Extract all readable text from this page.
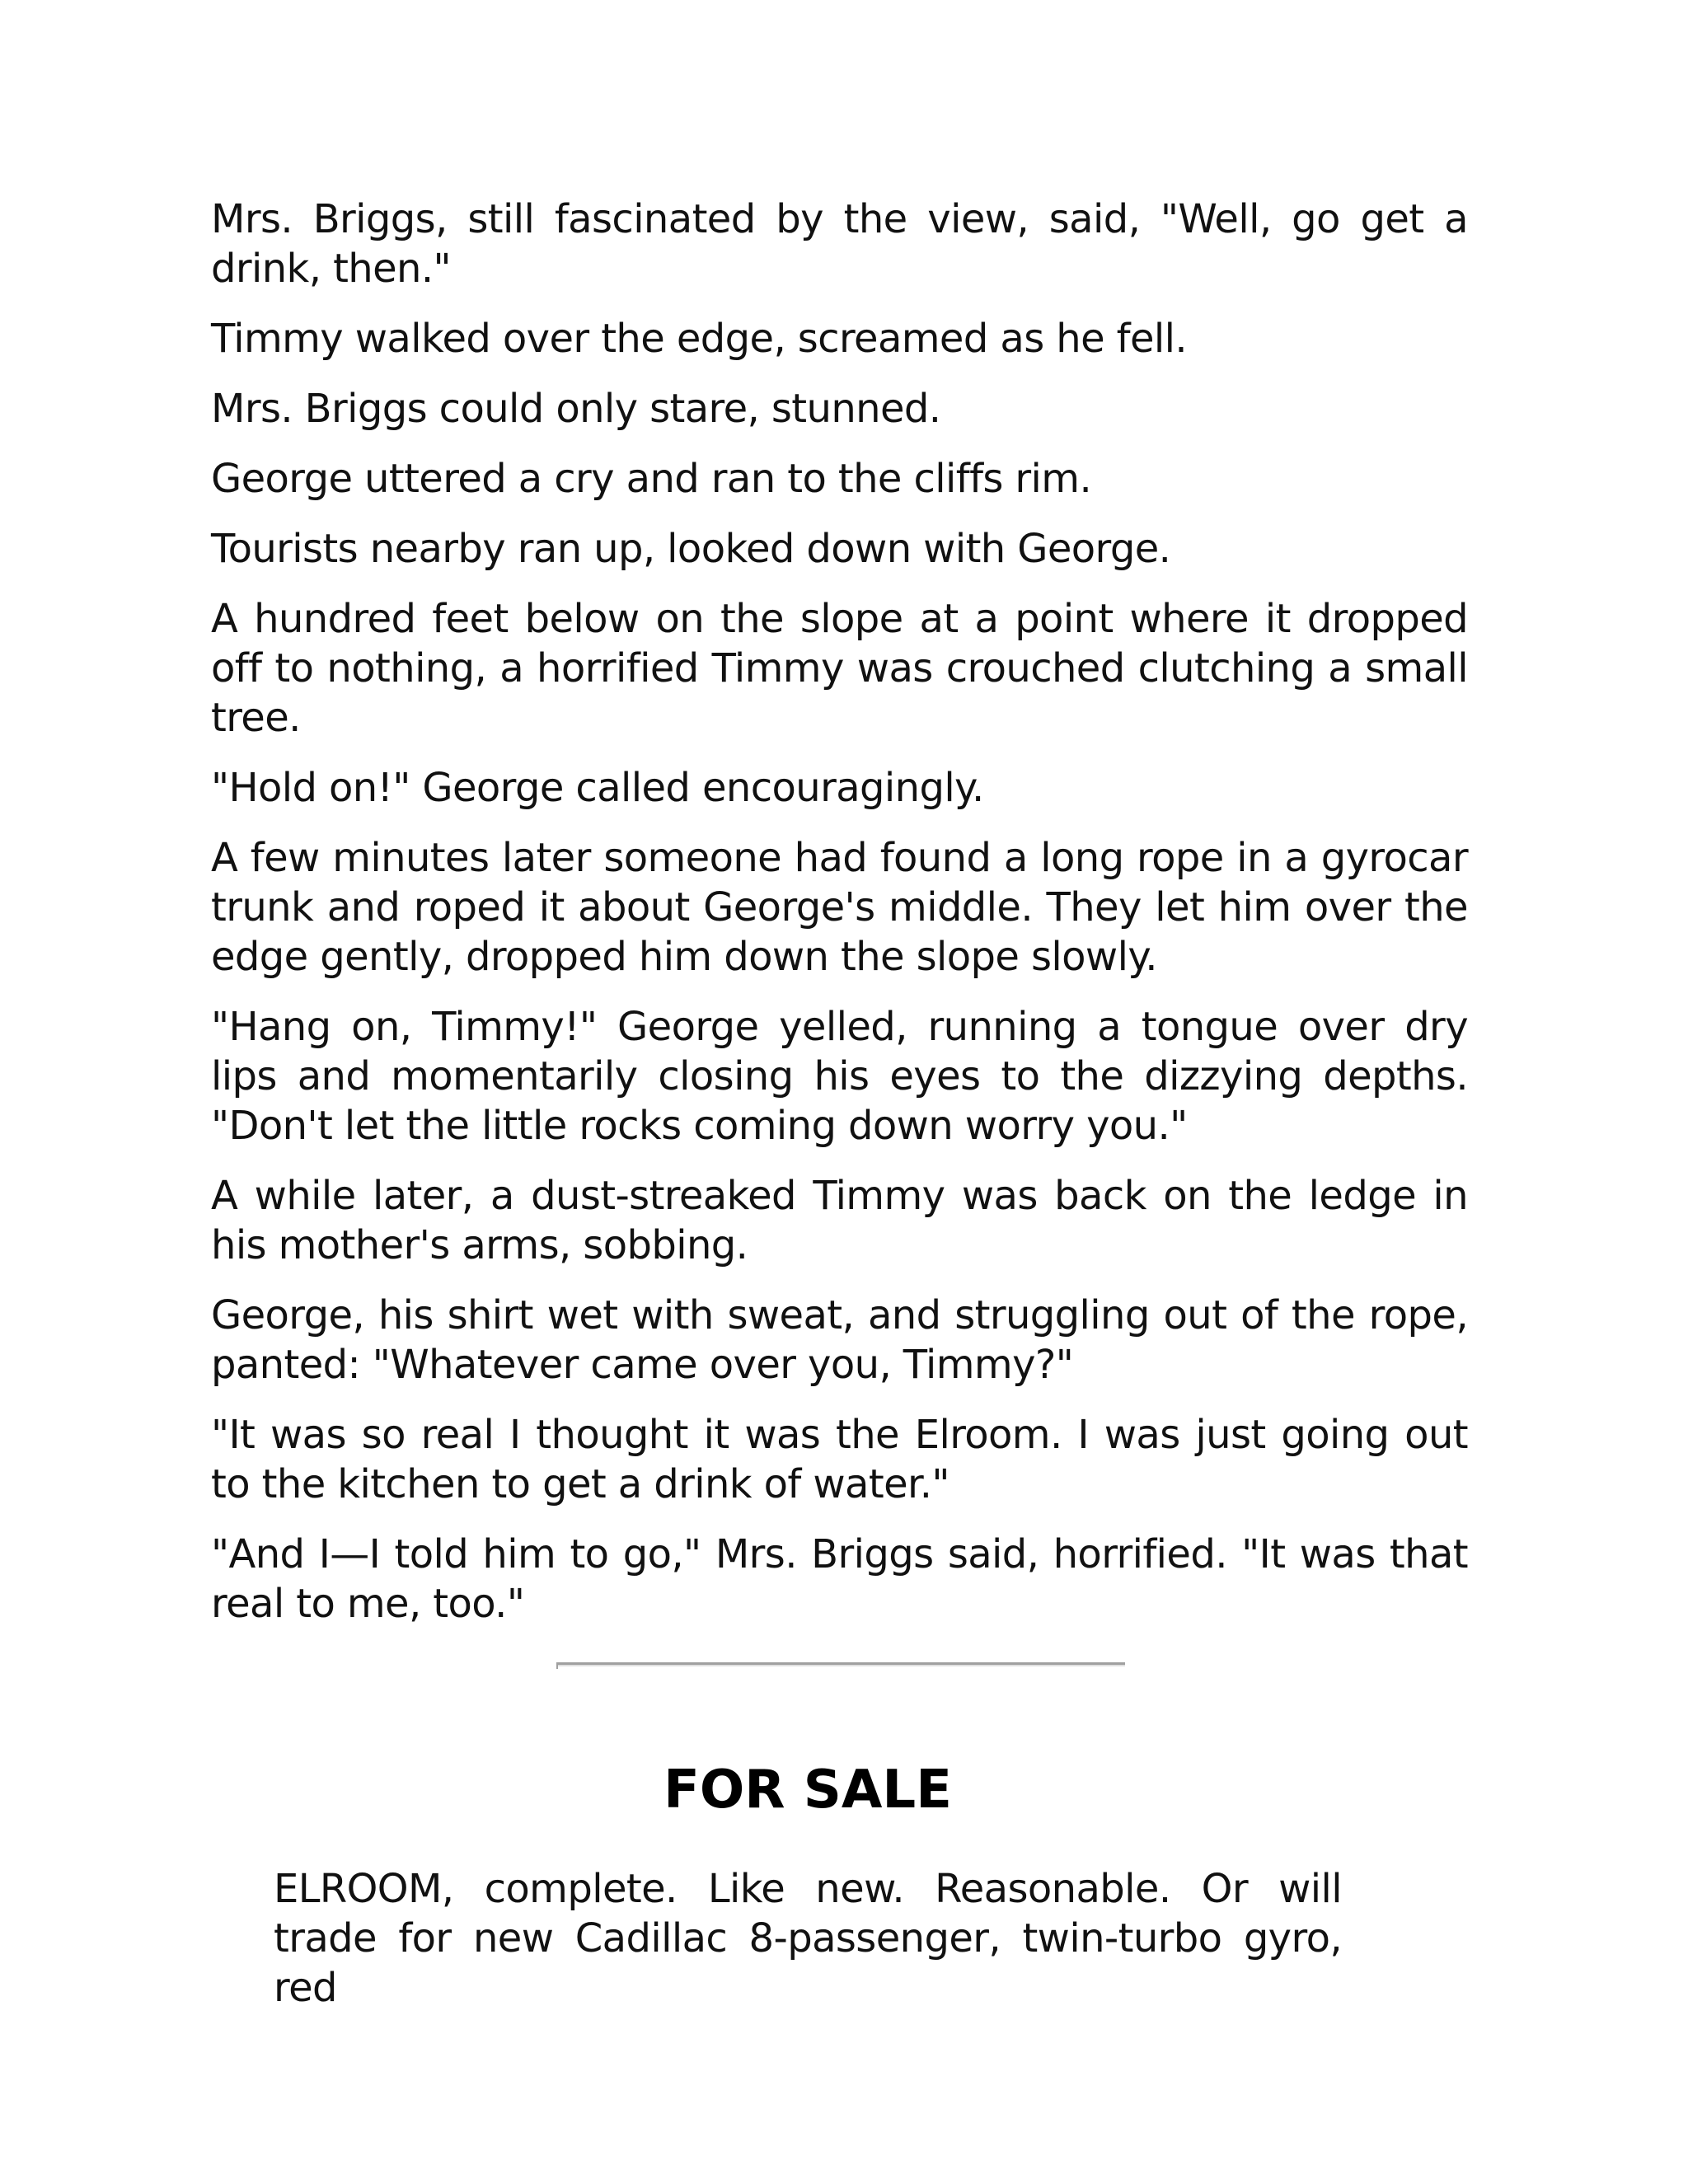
Mrs. Briggs, still fascinated by the view, said, "Well, go get a drink, then."

Timmy walked over the edge, screamed as he fell.

Mrs. Briggs could only stare, stunned.

George uttered a cry and ran to the cliffs rim.

Tourists nearby ran up, looked down with George.

A hundred feet below on the slope at a point where it dropped off to nothing, a horrified Timmy was crouched clutching a small tree.

"Hold on!" George called encouragingly.

A few minutes later someone had found a long rope in a gyrocar trunk and roped it about George's middle. They let him over the edge gently, dropped him down the slope slowly.

"Hang on, Timmy!" George yelled, running a tongue over dry lips and momentarily closing his eyes to the dizzying depths. "Don't let the little rocks coming down worry you."

A while later, a dust-streaked Timmy was back on the ledge in his mother's arms, sobbing.

George, his shirt wet with sweat, and struggling out of the rope, panted: "Whatever came over you, Timmy?"

"It was so real I thought it was the Elroom. I was just going out to the kitchen to get a drink of water."

"And I—I told him to go," Mrs. Briggs said, horrified. "It was that real to me, too."

FOR SALE

ELROOM, complete. Like new. Reasonable. Or will trade for new Cadillac 8-passenger, twin-turbo gyro, red
